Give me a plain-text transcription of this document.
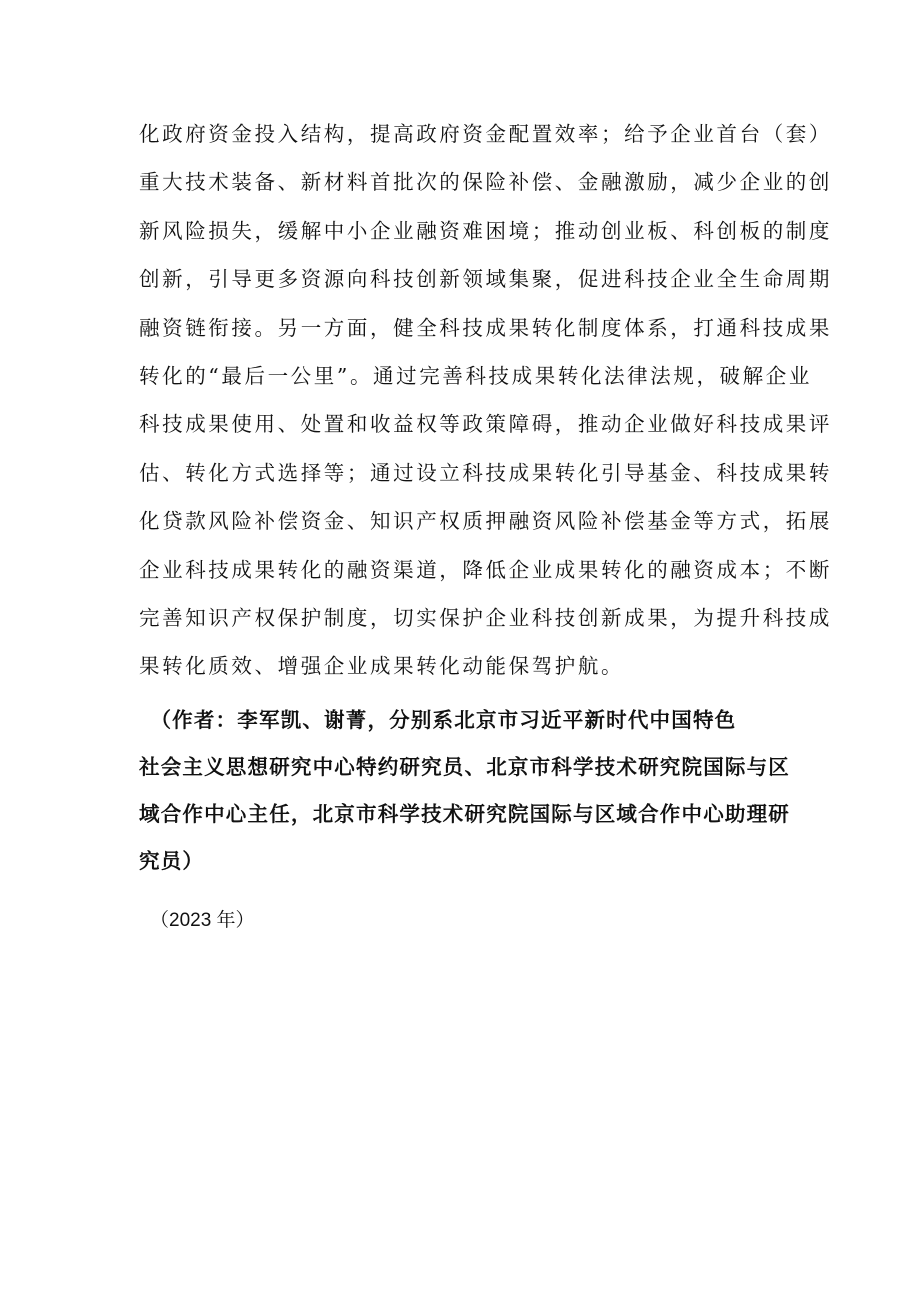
化政府资金投入结构，提高政府资金配置效率；给予企业首台（套）
重大技术装备、新材料首批次的保险补偿、金融激励，减少企业的创
新风险损失，缓解中小企业融资难困境；推动创业板、科创板的制度
创新，引导更多资源向科技创新领域集聚，促进科技企业全生命周期
融资链衔接。另一方面，健全科技成果转化制度体系，打通科技成果
转化的“最后一公里”。通过完善科技成果转化法律法规，破解企业
科技成果使用、处置和收益权等政策障碍，推动企业做好科技成果评
估、转化方式选择等；通过设立科技成果转化引导基金、科技成果转
化贷款风险补偿资金、知识产权质押融资风险补偿基金等方式，拓展
企业科技成果转化的融资渠道，降低企业成果转化的融资成本；不断
完善知识产权保护制度，切实保护企业科技创新成果，为提升科技成
果转化质效、增强企业成果转化动能保驾护航。
　（作者：李军凯、谢菁，分别系北京市习近平新时代中国特色
社会主义思想研究中心特约研究员、北京市科学技术研究院国际与区
域合作中心主任，北京市科学技术研究院国际与区域合作中心助理研
究员）
（2023 年）
